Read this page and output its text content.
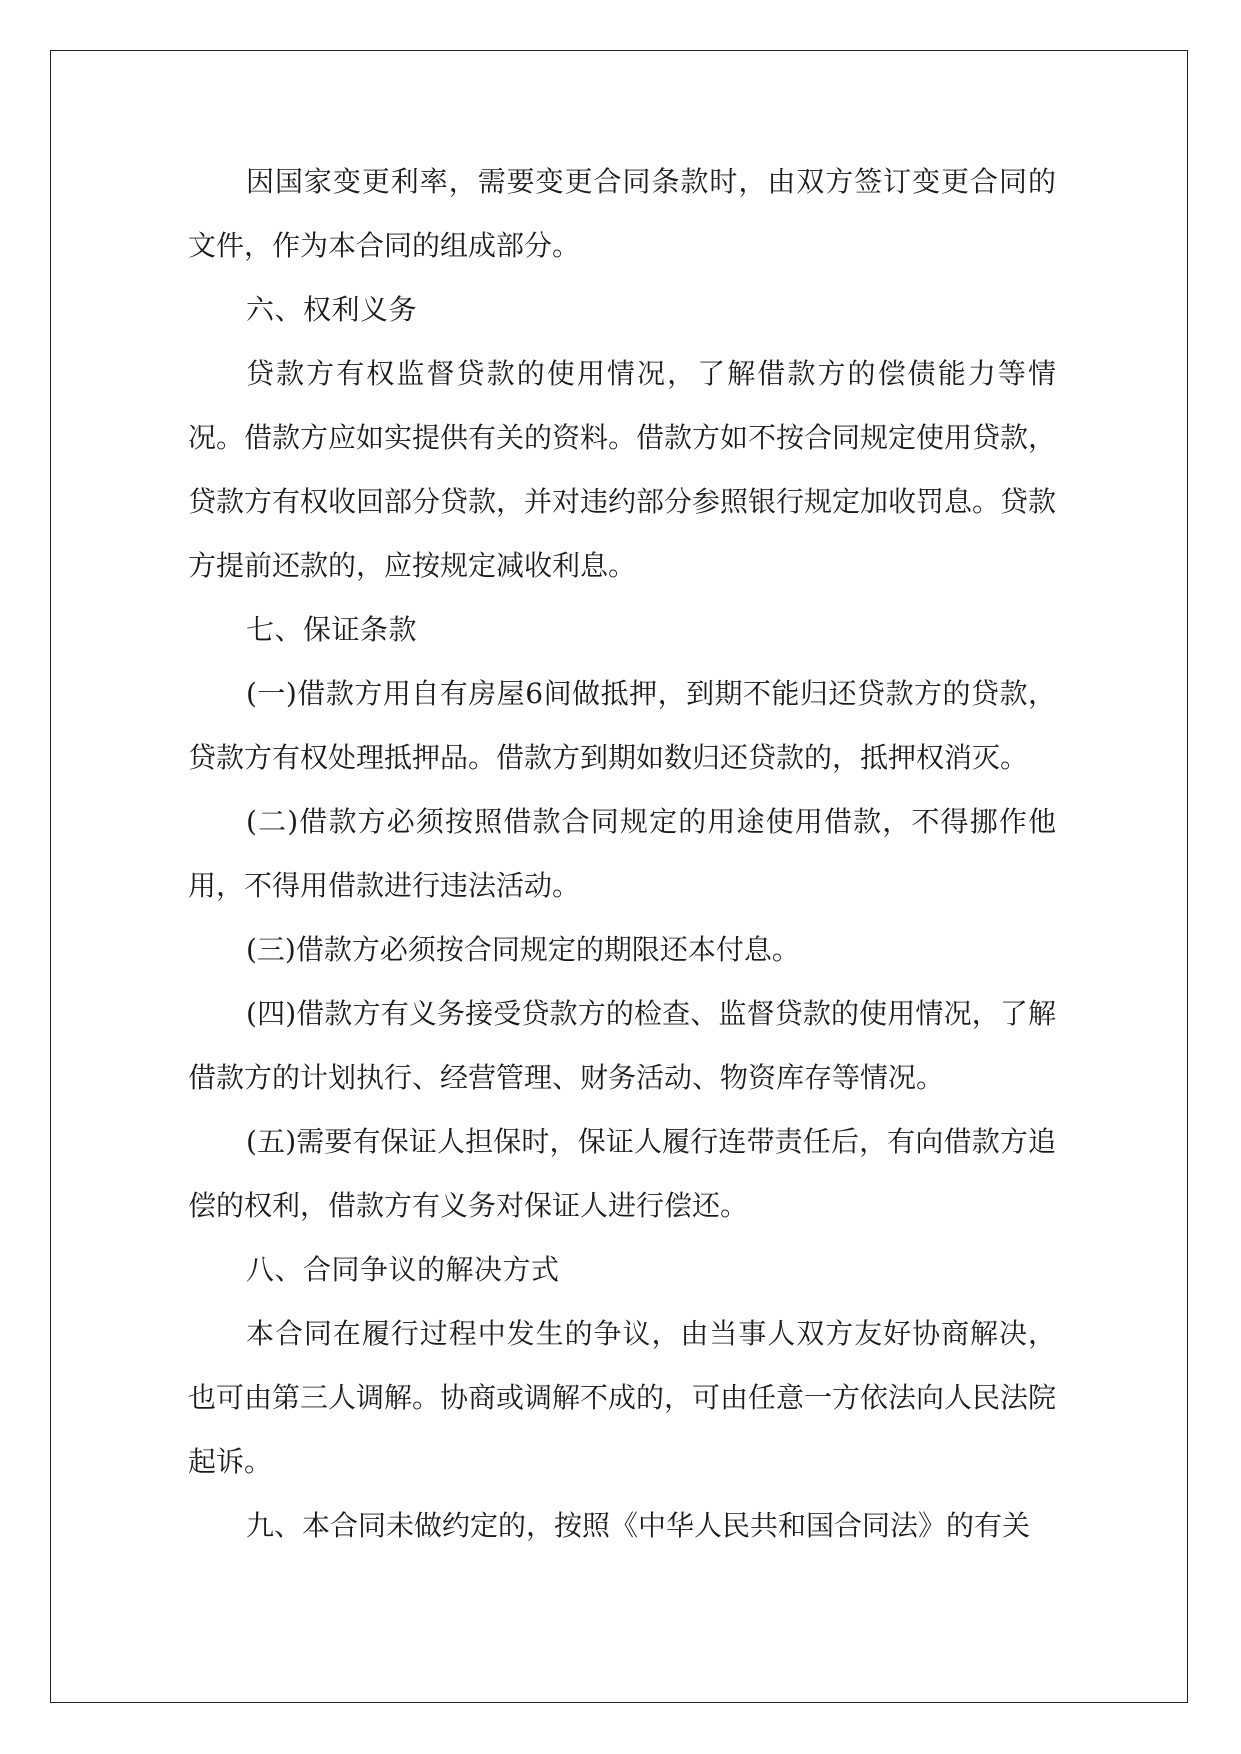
因国家变更利率，需要变更合同条款时，由双方签订变更合同的文件，作为本合同的组成部分。

六、权利义务

贷款方有权监督贷款的使用情况，了解借款方的偿债能力等情况。借款方应如实提供有关的资料。借款方如不按合同规定使用贷款，贷款方有权收回部分贷款，并对违约部分参照银行规定加收罚息。贷款方提前还款的，应按规定减收利息。

七、保证条款

(一)借款方用自有房屋6间做抵押，到期不能归还贷款方的贷款，贷款方有权处理抵押品。借款方到期如数归还贷款的，抵押权消灭。

(二)借款方必须按照借款合同规定的用途使用借款，不得挪作他用，不得用借款进行违法活动。

(三)借款方必须按合同规定的期限还本付息。

(四)借款方有义务接受贷款方的检查、监督贷款的使用情况，了解借款方的计划执行、经营管理、财务活动、物资库存等情况。

(五)需要有保证人担保时，保证人履行连带责任后，有向借款方追偿的权利，借款方有义务对保证人进行偿还。

八、合同争议的解决方式

本合同在履行过程中发生的争议，由当事人双方友好协商解决，也可由第三人调解。协商或调解不成的，可由任意一方依法向人民法院起诉。

九、本合同未做约定的，按照《中华人民共和国合同法》的有关
